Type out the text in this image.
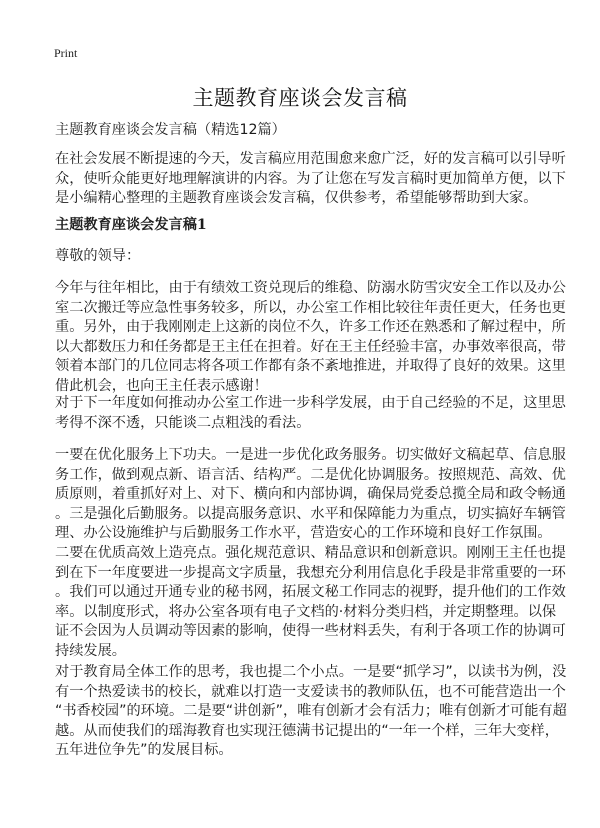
Print
主题教育座谈会发言稿
主题教育座谈会发言稿（精选12篇）
在社会发展不断提速的今天，发言稿应用范围愈来愈广泛，好的发言稿可以引导听
众，使听众能更好地理解演讲的内容。为了让您在写发言稿时更加简单方便，以下
是小编精心整理的主题教育座谈会发言稿，仅供参考，希望能够帮助到大家。
主题教育座谈会发言稿1
尊敬的领导：
今年与往年相比，由于有绩效工资兑现后的维稳、防溺水防雪灾安全工作以及办公
室二次搬迁等应急性事务较多，所以，办公室工作相比较往年责任更大，任务也更
重。另外，由于我刚刚走上这新的岗位不久，许多工作还在熟悉和了解过程中，所
以大都数压力和任务都是王主任在担着。好在王主任经验丰富，办事效率很高，带
领着本部门的几位同志将各项工作都有条不紊地推进，并取得了良好的效果。这里
借此机会，也向王主任表示感谢！
对于下一年度如何推动办公室工作进一步科学发展，由于自己经验的不足，这里思
考得不深不透，只能谈二点粗浅的看法。
一要在优化服务上下功夫。一是进一步优化政务服务。切实做好文稿起草、信息服
务工作，做到观点新、语言活、结构严。二是优化协调服务。按照规范、高效、优
质原则，着重抓好对上、对下、横向和内部协调，确保局党委总揽全局和政令畅通
。三是强化后勤服务。以提高服务意识、水平和保障能力为重点，切实搞好车辆管
理、办公设施维护与后勤服务工作水平，营造安心的工作环境和良好工作氛围。
二要在优质高效上造亮点。强化规范意识、精品意识和创新意识。刚刚王主任也提
到在下一年度要进一步提高文字质量，我想充分利用信息化手段是非常重要的一环
。我们可以通过开通专业的秘书网，拓展文秘工作同志的视野，提升他们的工作效
率。以制度形式，将办公室各项有电子文档的·材料分类归档，并定期整理。以保
证不会因为人员调动等因素的影响，使得一些材料丢失，有利于各项工作的协调可
持续发展。
对于教育局全体工作的思考，我也提二个小点。一是要“抓学习”，以读书为例，没
有一个热爱读书的校长，就难以打造一支爱读书的教师队伍，也不可能营造出一个
“书香校园”的环境。二是要“讲创新”，唯有创新才会有活力；唯有创新才可能有超
越。从而使我们的瑶海教育也实现汪德满书记提出的“一年一个样，三年大变样，
五年进位争先”的发展目标。
